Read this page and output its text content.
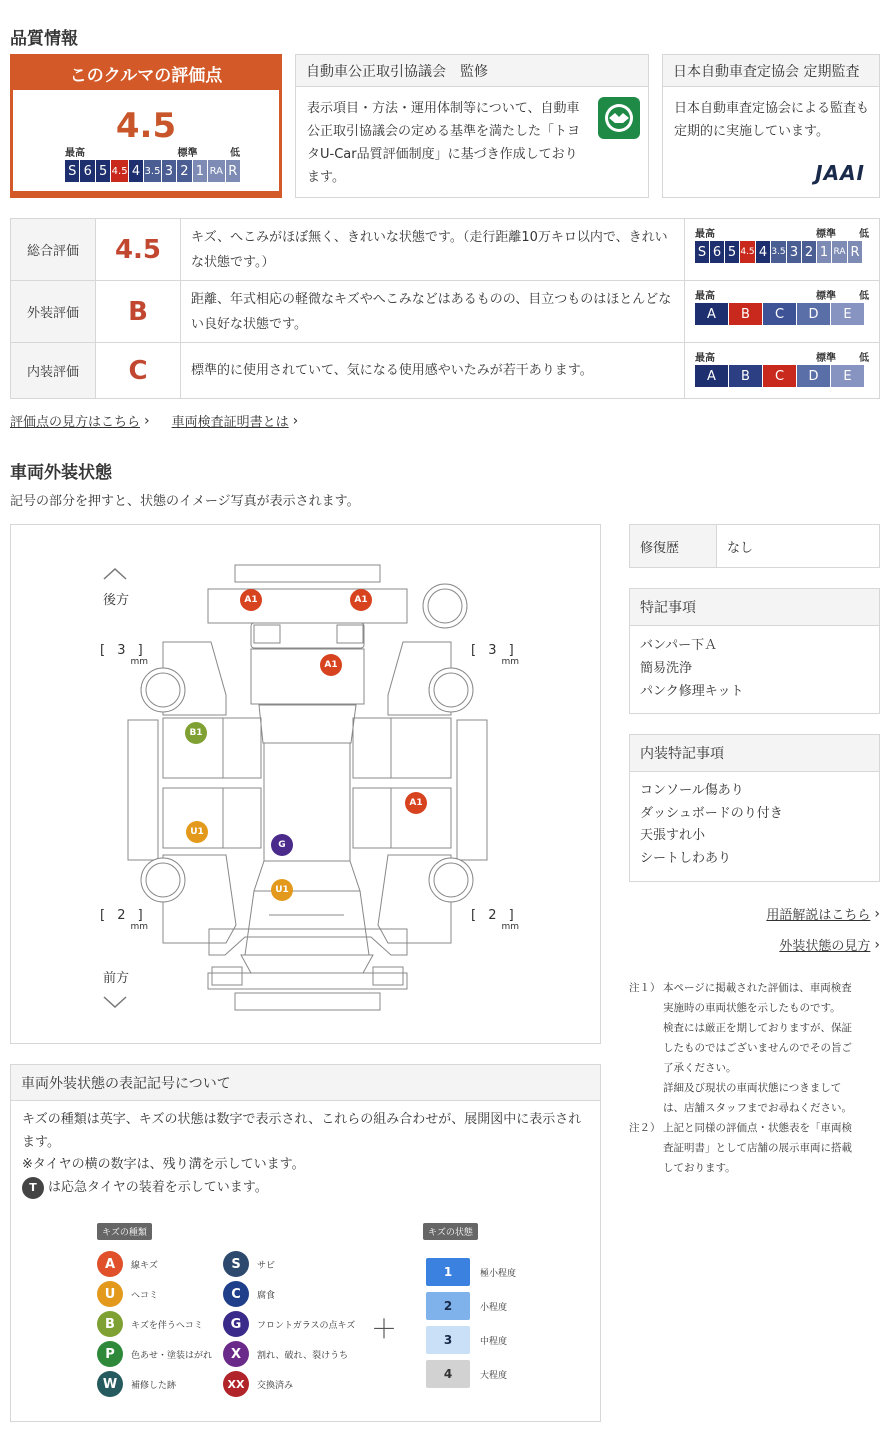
品質情報
このクルマの評価点
4.5
最高	標準	低
S 6 5 4.5 4 3.5 3 2 1 RA R
自動車公正取引協議会　監修
表示項目・方法・運用体制等について、自動車公正取引協議会の定める基準を満たした「トヨタU-Car品質評価制度」に基づき作成しております。
日本自動車査定協会 定期監査
日本自動車査定協会による監査も定期的に実施しています。
JAAI
総合評価	4.5	キズ、へこみがほぼ無く、きれいな状態です。（走行距離10万キロ以内で、きれいな状態です。）
最高	標準 低
S 6 5 4.5 4 3.5 3 2 1 RA R
外装評価	B	距離、年式相応の軽微なキズやへこみなどはあるものの、目立つものはほとんどない良好な状態です。
最高	標準 低
A	B	C	D	E
内装評価	C	標準的に使用されていて、気になる使用感やいたみが若干あります。
最高	標準 低
A	B	C	D	E
評価点の見方はこちら › 車両検査証明書とは ›
車両外装状態
記号の部分を押すと、状態のイメージ写真が表示されます。
後方
前方
[ 3 ]
mm
[ 3 ]
mm
[ 2 ]
mm
[ 2 ]
mm
A1	A1
A1
B1
U1
G
U1
A1
修復歴	なし
特記事項
バンパー下Ａ
簡易洗浄
パンク修理キット
内装特記事項
コンソール傷あり
ダッシュボードのり付き
天張すれ小
シートしわあり
用語解説はこちら ›
外装状態の見方 ›
注１） 本ページに掲載された評価は、車両検査
実施時の車両状態を示したものです。
検査には厳正を期しておりますが、保証
したものではございませんのでその旨ご
了承ください。
詳細及び現状の車両状態につきまして
は、店舗スタッフまでお尋ねください。
注２） 上記と同様の評価点・状態表を「車両検
査証明書」として店舗の展示車両に搭載
しております。
車両外装状態の表記記号について
キズの種類は英字、キズの状態は数字で表示され、これらの組み合わせが、展開図中に表示されます。
※タイヤの横の数字は、残り溝を示しています。
T は応急タイヤの装着を示しています。
キズの種類	キズの状態
A	線キズ
U	ヘコミ
B	キズを伴うヘコミ
P	色あせ・塗装はがれ
W	補修した跡
S	サビ
C	腐食
G	フロントガラスの点キズ
X	割れ、破れ、裂けうち
XX	交換済み
＋
1	極小程度
2	小程度
3	中程度
4	大程度
